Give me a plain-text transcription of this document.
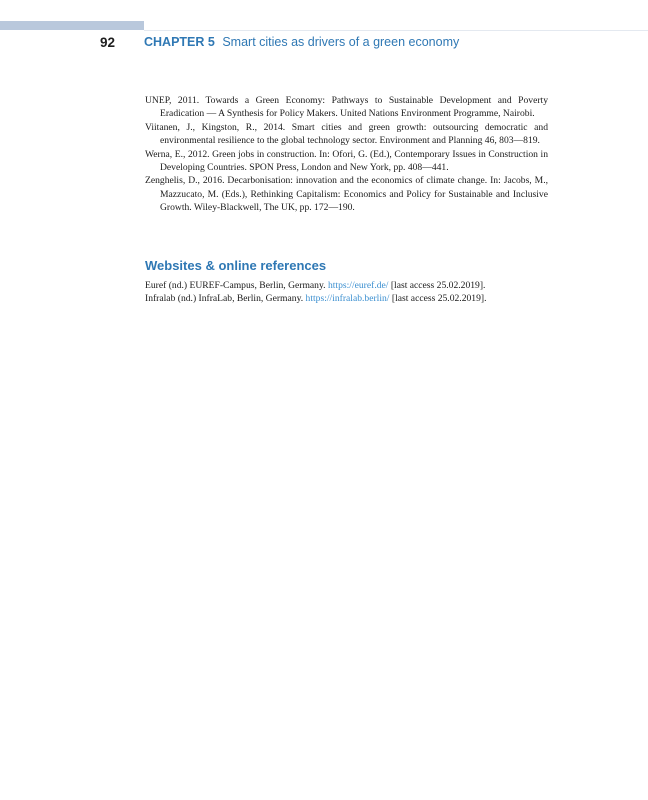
92 CHAPTER 5 Smart cities as drivers of a green economy

UNEP, 2011. Towards a Green Economy: Pathways to Sustainable Development and Poverty Eradication — A Synthesis for Policy Makers. United Nations Environment Programme, Nairobi.

Viitanen, J., Kingston, R., 2014. Smart cities and green growth: outsourcing democratic and environmental resilience to the global technology sector. Environment and Planning 46, 803—819.

Werna, E., 2012. Green jobs in construction. In: Ofori, G. (Ed.), Contemporary Issues in Construction in Developing Countries. SPON Press, London and New York, pp. 408—441.

Zenghelis, D., 2016. Decarbonisation: innovation and the economics of climate change. In: Jacobs, M., Mazzucato, M. (Eds.), Rethinking Capitalism: Economics and Policy for Sustainable and Inclusive Growth. Wiley-Blackwell, The UK, pp. 172—190.

Websites & online references

Euref (nd.) EUREF-Campus, Berlin, Germany. https://euref.de/ [last access 25.02.2019].

Infralab (nd.) InfraLab, Berlin, Germany. https://infralab.berlin/ [last access 25.02.2019].
